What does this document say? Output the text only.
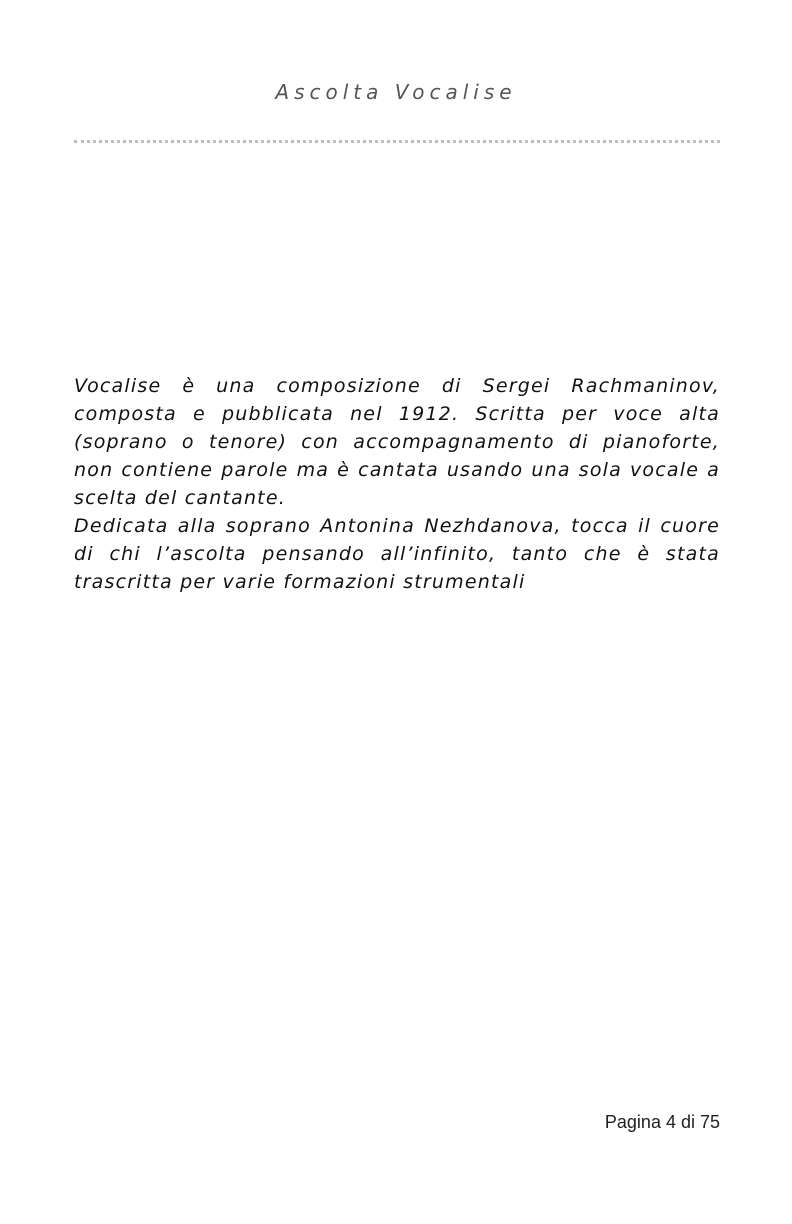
Ascolta Vocalise

Vocalise è una composizione di Sergei Rachmaninov, composta e pubblicata nel 1912. Scritta per voce alta (soprano o tenore) con accompagnamento di pianoforte, non contiene parole ma è cantata usando una sola vocale a scelta del cantante.

Dedicata alla soprano Antonina Nezhdanova, tocca il cuore di chi l’ascolta pensando all’infinito, tanto che è stata trascritta per varie formazioni strumentali

Pagina 4 di 75
